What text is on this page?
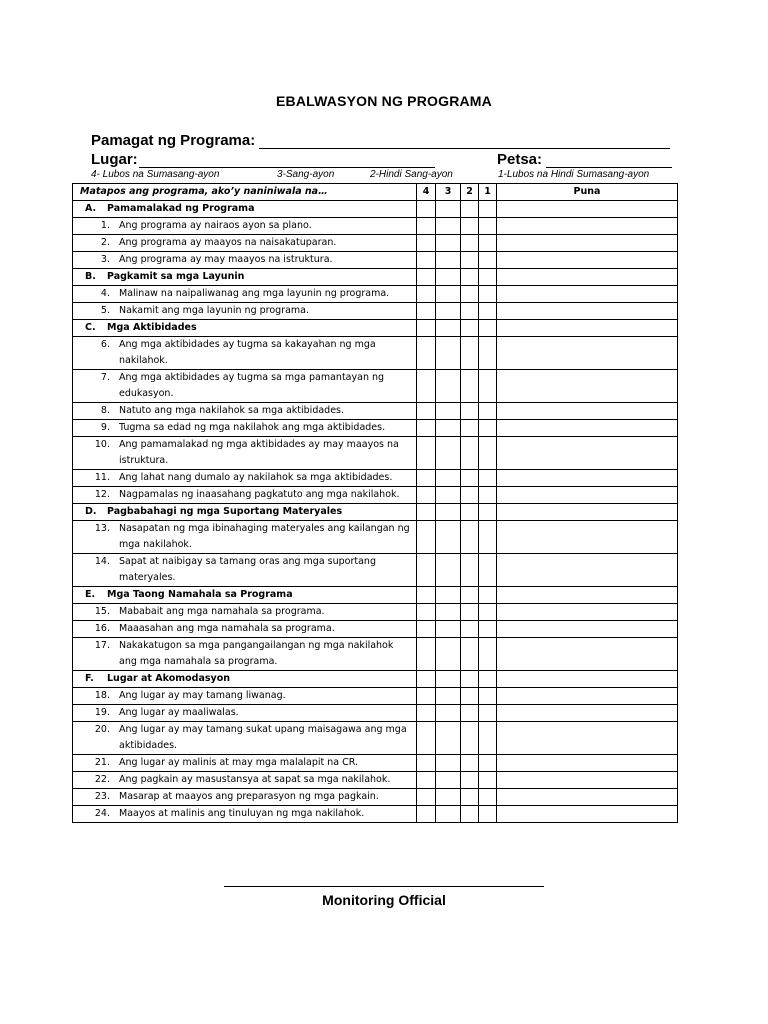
EBALWASYON NG PROGRAMA
Pamagat ng Programa:
Lugar:	Petsa:
4- Lubos na Sumasang-ayon	3-Sang-ayon	2-Hindi Sang-ayon	1-Lubos na Hindi Sumasang-ayon
Matapos ang programa, ako’y naniniwala na…	4	3	2	1	Puna

A. Pamamalakad ng Programa					

1. Ang programa ay nairaos ayon sa plano.					

2. Ang programa ay maayos na naisakatuparan.					

3. Ang programa ay may maayos na istruktura.					

B. Pagkamit sa mga Layunin					

4. Malinaw na naipaliwanag ang mga layunin ng programa.					

5. Nakamit ang mga layunin ng programa.					

C. Mga Aktibidades					

6. Ang mga aktibidades ay tugma sa kakayahan ng mga nakilahok.					

7. Ang mga aktibidades ay tugma sa mga pamantayan ng edukasyon.					

8. Natuto ang mga nakilahok sa mga aktibidades.					

9. Tugma sa edad ng mga nakilahok ang mga aktibidades.					

10. Ang pamamalakad ng mga aktibidades ay may maayos na istruktura.					

11. Ang lahat nang dumalo ay nakilahok sa mga aktibidades.					

12. Nagpamalas ng inaasahang pagkatuto ang mga nakilahok.					

D. Pagbabahagi ng mga Suportang Materyales					

13. Nasapatan ng mga ibinahaging materyales ang kailangan ng mga nakilahok.					

14. Sapat at naibigay sa tamang oras ang mga suportang materyales.					

E. Mga Taong Namahala sa Programa					

15. Mababait ang mga namahala sa programa.					

16. Maaasahan ang mga namahala sa programa.					

17. Nakakatugon sa mga pangangailangan ng mga nakilahok ang mga namahala sa programa.					

F. Lugar at Akomodasyon					

18. Ang lugar ay may tamang liwanag.					

19. Ang lugar ay maaliwalas.					

20. Ang lugar ay may tamang sukat upang maisagawa ang mga aktibidades.					

21. Ang lugar ay malinis at may mga malalapit na CR.					

22. Ang pagkain ay masustansya at sapat sa mga nakilahok.					

23. Masarap at maayos ang preparasyon ng mga pagkain.					

24. Maayos at malinis ang tinuluyan ng mga nakilahok.					

Monitoring Official
